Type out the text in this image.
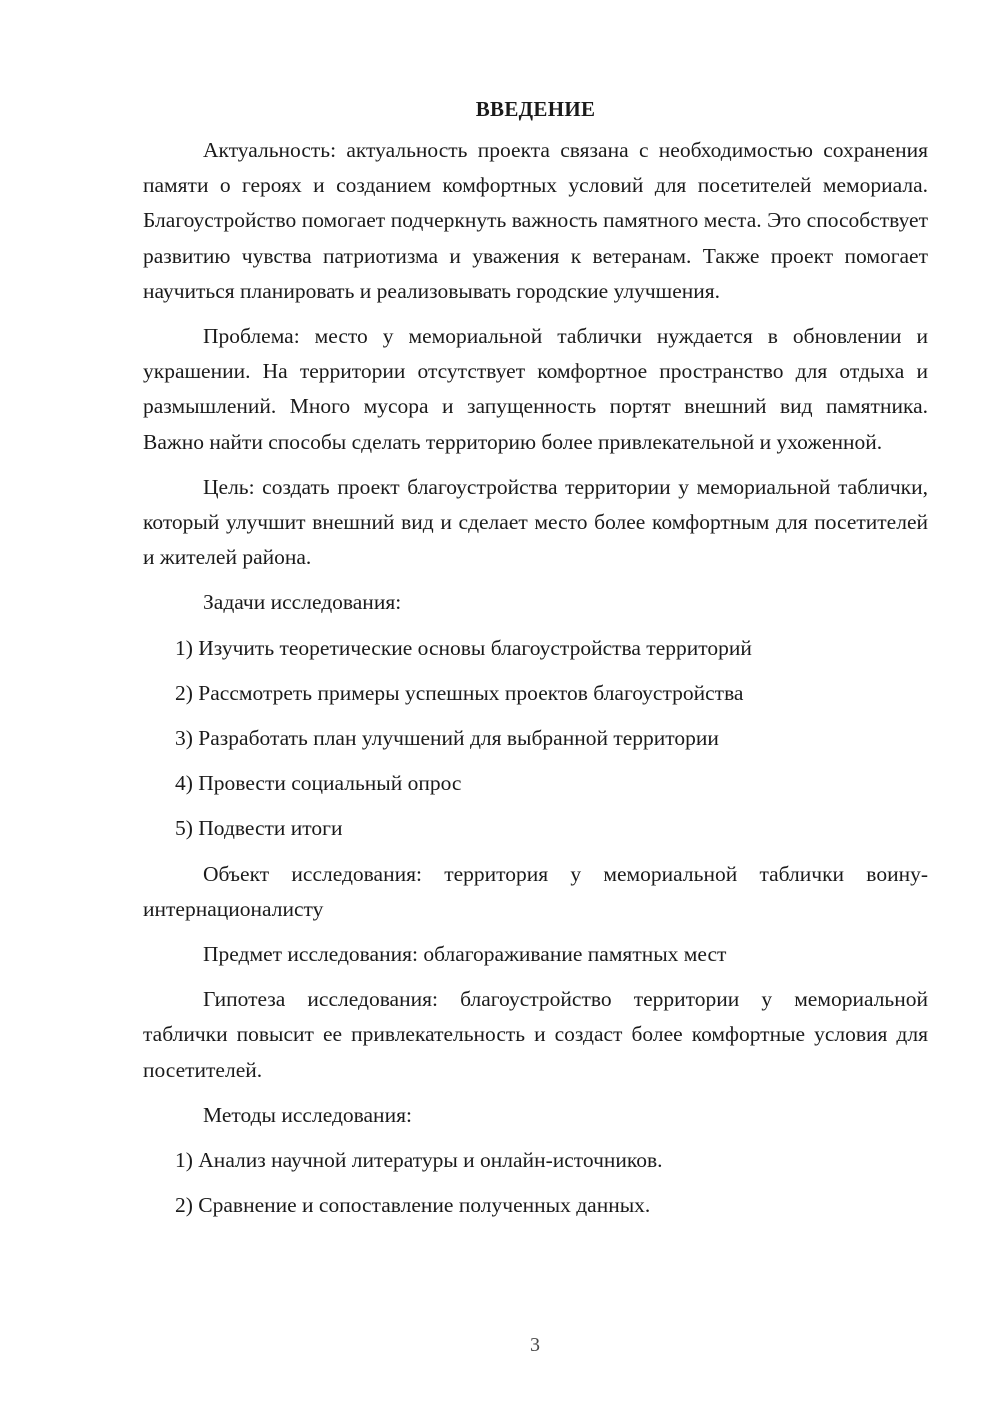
ВВЕДЕНИЕ

Актуальность: актуальность проекта связана с необходимостью сохранения памяти о героях и созданием комфортных условий для посетителей мемориала. Благоустройство помогает подчеркнуть важность памятного места. Это способствует развитию чувства патриотизма и уважения к ветеранам. Также проект помогает научиться планировать и реализовывать городские улучшения.

Проблема: место у мемориальной таблички нуждается в обновлении и украшении. На территории отсутствует комфортное пространство для отдыха и размышлений. Много мусора и запущенность портят внешний вид памятника. Важно найти способы сделать территорию более привлекательной и ухоженной.

Цель: создать проект благоустройства территории у мемориальной таблички, который улучшит внешний вид и сделает место более комфортным для посетителей и жителей района.

Задачи исследования:

1) Изучить теоретические основы благоустройства территорий
2) Рассмотреть примеры успешных проектов благоустройства
3) Разработать план улучшений для выбранной территории
4) Провести социальный опрос
5) Подвести итоги

Объект исследования: территория у мемориальной таблички воину-интернационалисту

Предмет исследования: облагораживание памятных мест

Гипотеза исследования: благоустройство территории у мемориальной таблички повысит ее привлекательность и создаст более комфортные условия для посетителей.

Методы исследования:

1) Анализ научной литературы и онлайн-источников.
2) Сравнение и сопоставление полученных данных.
3
